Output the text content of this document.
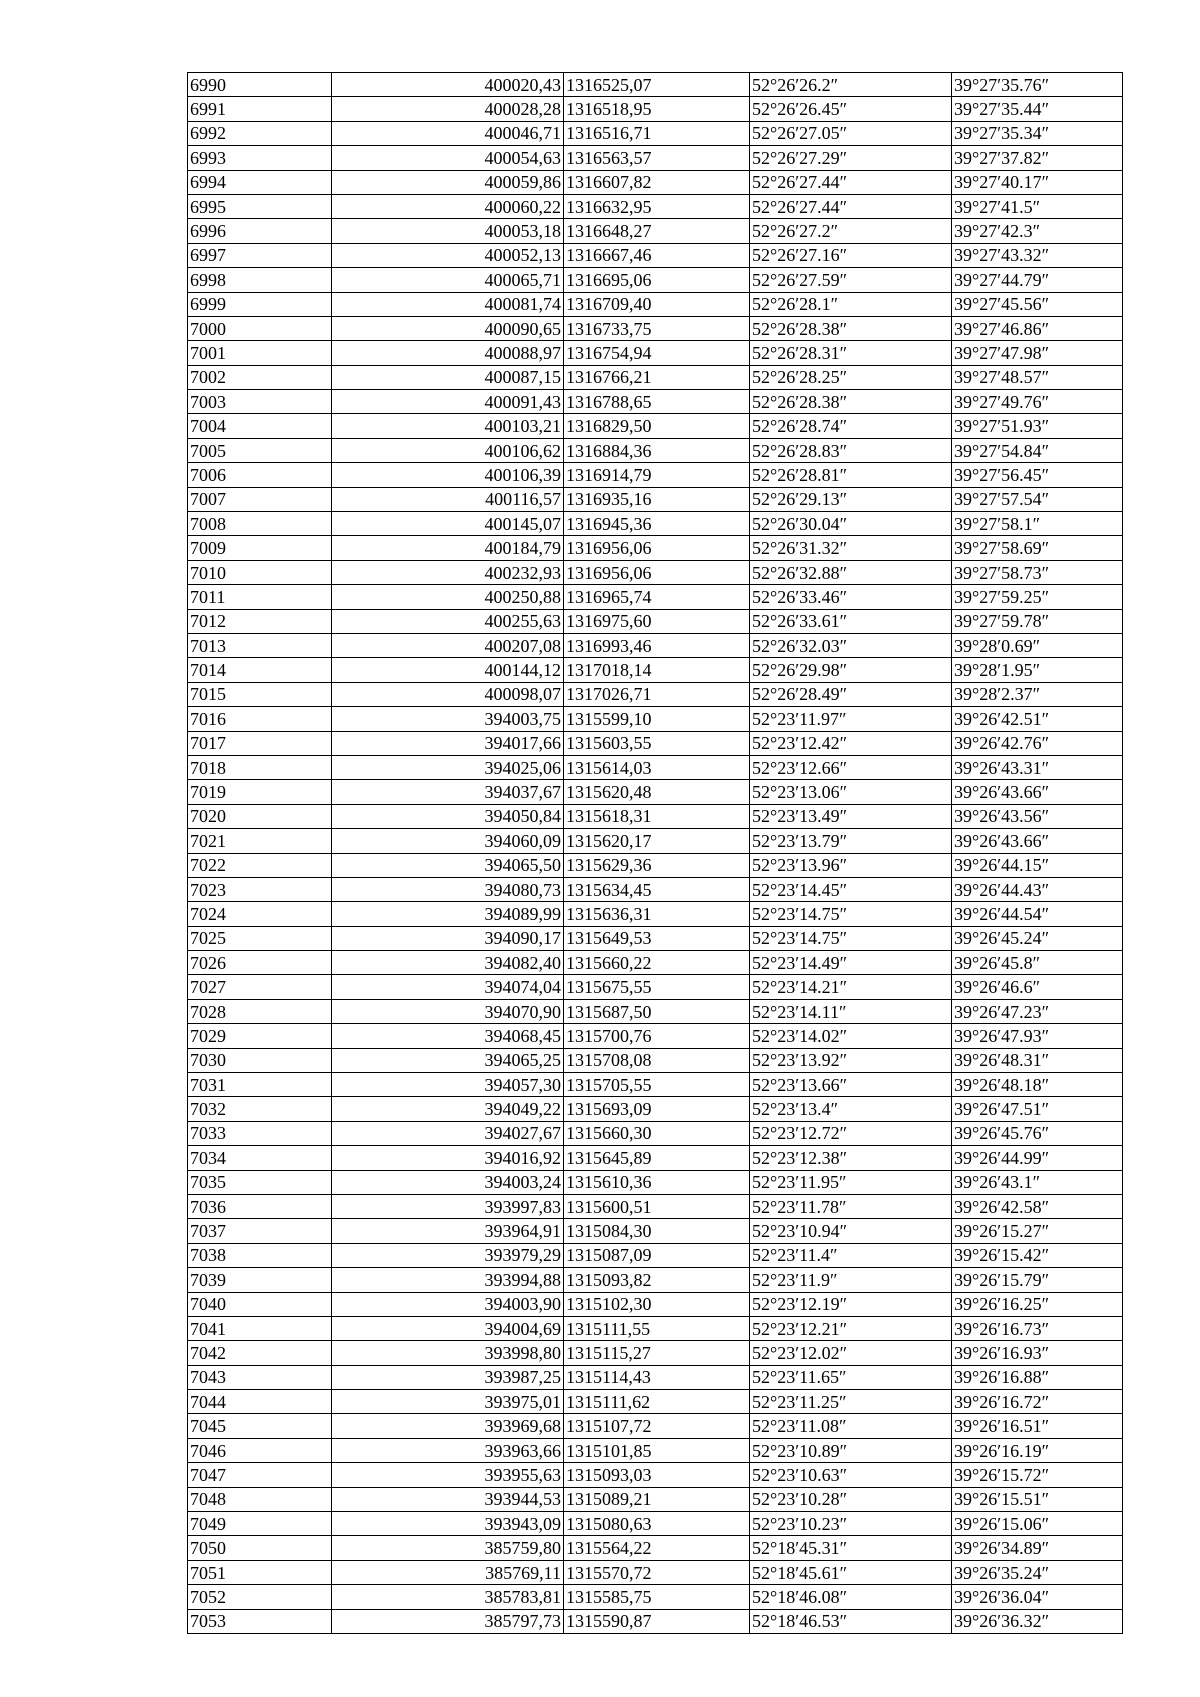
6990	400020,43	1316525,07	52°26′26.2″	39°27′35.76″
6991	400028,28	1316518,95	52°26′26.45″	39°27′35.44″
6992	400046,71	1316516,71	52°26′27.05″	39°27′35.34″
6993	400054,63	1316563,57	52°26′27.29″	39°27′37.82″
6994	400059,86	1316607,82	52°26′27.44″	39°27′40.17″
6995	400060,22	1316632,95	52°26′27.44″	39°27′41.5″
6996	400053,18	1316648,27	52°26′27.2″	39°27′42.3″
6997	400052,13	1316667,46	52°26′27.16″	39°27′43.32″
6998	400065,71	1316695,06	52°26′27.59″	39°27′44.79″
6999	400081,74	1316709,40	52°26′28.1″	39°27′45.56″
7000	400090,65	1316733,75	52°26′28.38″	39°27′46.86″
7001	400088,97	1316754,94	52°26′28.31″	39°27′47.98″
7002	400087,15	1316766,21	52°26′28.25″	39°27′48.57″
7003	400091,43	1316788,65	52°26′28.38″	39°27′49.76″
7004	400103,21	1316829,50	52°26′28.74″	39°27′51.93″
7005	400106,62	1316884,36	52°26′28.83″	39°27′54.84″
7006	400106,39	1316914,79	52°26′28.81″	39°27′56.45″
7007	400116,57	1316935,16	52°26′29.13″	39°27′57.54″
7008	400145,07	1316945,36	52°26′30.04″	39°27′58.1″
7009	400184,79	1316956,06	52°26′31.32″	39°27′58.69″
7010	400232,93	1316956,06	52°26′32.88″	39°27′58.73″
7011	400250,88	1316965,74	52°26′33.46″	39°27′59.25″
7012	400255,63	1316975,60	52°26′33.61″	39°27′59.78″
7013	400207,08	1316993,46	52°26′32.03″	39°28′0.69″
7014	400144,12	1317018,14	52°26′29.98″	39°28′1.95″
7015	400098,07	1317026,71	52°26′28.49″	39°28′2.37″
7016	394003,75	1315599,10	52°23′11.97″	39°26′42.51″
7017	394017,66	1315603,55	52°23′12.42″	39°26′42.76″
7018	394025,06	1315614,03	52°23′12.66″	39°26′43.31″
7019	394037,67	1315620,48	52°23′13.06″	39°26′43.66″
7020	394050,84	1315618,31	52°23′13.49″	39°26′43.56″
7021	394060,09	1315620,17	52°23′13.79″	39°26′43.66″
7022	394065,50	1315629,36	52°23′13.96″	39°26′44.15″
7023	394080,73	1315634,45	52°23′14.45″	39°26′44.43″
7024	394089,99	1315636,31	52°23′14.75″	39°26′44.54″
7025	394090,17	1315649,53	52°23′14.75″	39°26′45.24″
7026	394082,40	1315660,22	52°23′14.49″	39°26′45.8″
7027	394074,04	1315675,55	52°23′14.21″	39°26′46.6″
7028	394070,90	1315687,50	52°23′14.11″	39°26′47.23″
7029	394068,45	1315700,76	52°23′14.02″	39°26′47.93″
7030	394065,25	1315708,08	52°23′13.92″	39°26′48.31″
7031	394057,30	1315705,55	52°23′13.66″	39°26′48.18″
7032	394049,22	1315693,09	52°23′13.4″	39°26′47.51″
7033	394027,67	1315660,30	52°23′12.72″	39°26′45.76″
7034	394016,92	1315645,89	52°23′12.38″	39°26′44.99″
7035	394003,24	1315610,36	52°23′11.95″	39°26′43.1″
7036	393997,83	1315600,51	52°23′11.78″	39°26′42.58″
7037	393964,91	1315084,30	52°23′10.94″	39°26′15.27″
7038	393979,29	1315087,09	52°23′11.4″	39°26′15.42″
7039	393994,88	1315093,82	52°23′11.9″	39°26′15.79″
7040	394003,90	1315102,30	52°23′12.19″	39°26′16.25″
7041	394004,69	1315111,55	52°23′12.21″	39°26′16.73″
7042	393998,80	1315115,27	52°23′12.02″	39°26′16.93″
7043	393987,25	1315114,43	52°23′11.65″	39°26′16.88″
7044	393975,01	1315111,62	52°23′11.25″	39°26′16.72″
7045	393969,68	1315107,72	52°23′11.08″	39°26′16.51″
7046	393963,66	1315101,85	52°23′10.89″	39°26′16.19″
7047	393955,63	1315093,03	52°23′10.63″	39°26′15.72″
7048	393944,53	1315089,21	52°23′10.28″	39°26′15.51″
7049	393943,09	1315080,63	52°23′10.23″	39°26′15.06″
7050	385759,80	1315564,22	52°18′45.31″	39°26′34.89″
7051	385769,11	1315570,72	52°18′45.61″	39°26′35.24″
7052	385783,81	1315585,75	52°18′46.08″	39°26′36.04″
7053	385797,73	1315590,87	52°18′46.53″	39°26′36.32″
